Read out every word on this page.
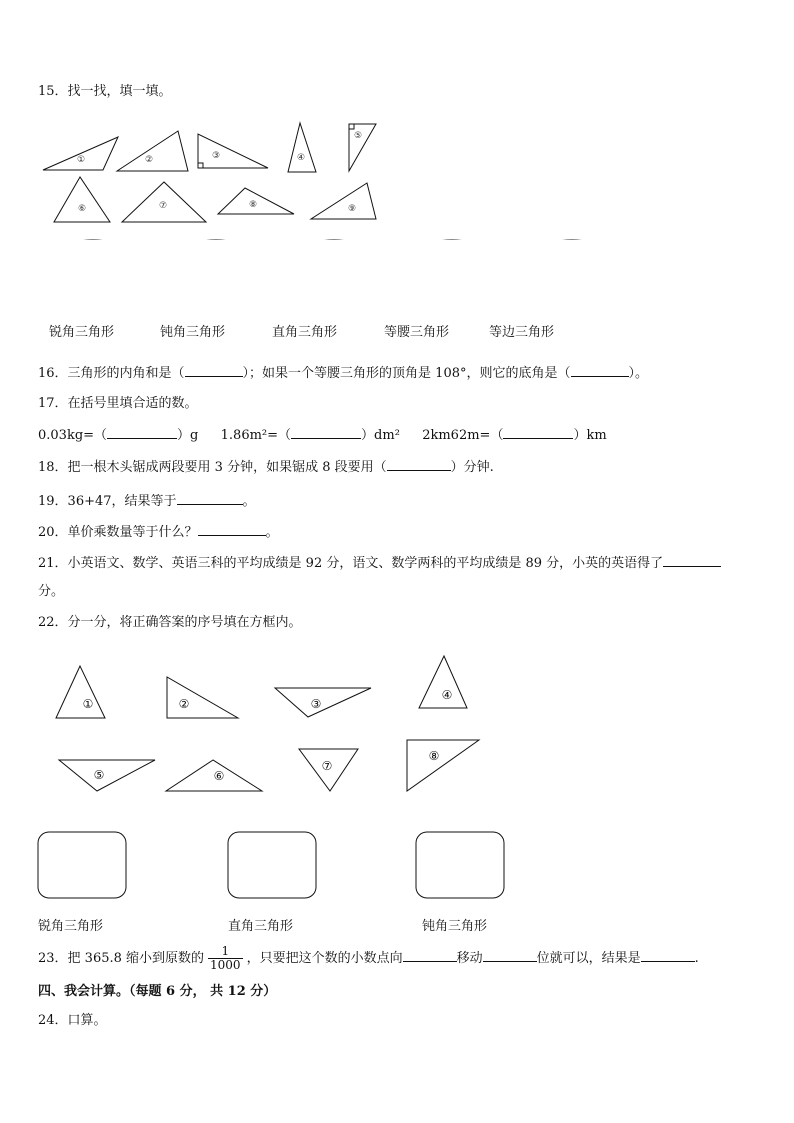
15．找一找，填一填。
①	②	③	④
⑤
⑥	⑦	⑧	⑨
锐角三角形	钝角三角形	直角三角形	等腰三角形	等边三角形
16．三角形的内角和是（	）；如果一个等腰三角形的顶角是 108°，则它的底角是（	）。
17．在括号里填合适的数。
0.03kg=（	）g 1.86m²=（	）dm² 2km62m=（	）km
18．把一根木头锯成两段要用 3 分钟，如果锯成 8 段要用（	）分钟.
19．36+47，结果等于	。
20．单价乘数量等于什么？	。
21．小英语文、数学、英语三科的平均成绩是 92 分，语文、数学两科的平均成绩是 89 分，小英的英语得了
分。
22．分一分，将正确答案的序号填在方框内。
①	②	③
④
⑤	⑥
⑦
⑧
锐角三角形	直角三角形	钝角三角形
23．把 365.8 缩小到原数的 $\frac{1}{1000}$ ，只要把这个数的小数点向	移动	位就可以，结果是	.
四、我会计算。（每题 6 分， 共 12 分）
24．口算。
